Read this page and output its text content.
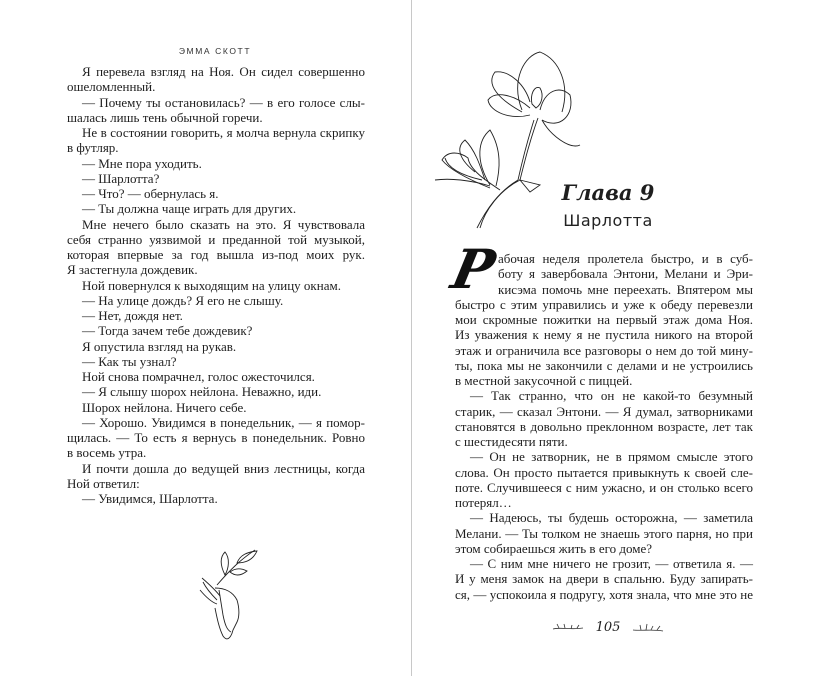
ЭММА СКОТТ
Я перевела взгляд на Ноя. Он сидел совершенно
ошеломленный.
— Почему ты остановилась? — в его голосе слы-
шалась лишь тень обычной горечи.
Не в состоянии говорить, я молча вернула скрипку
в футляр.
— Мне пора уходить.
— Шарлотта?
— Что? — обернулась я.
— Ты должна чаще играть для других.
Мне нечего было сказать на это. Я чувствовала
себя странно уязвимой и преданной той музыкой,
которая впервые за год вышла из-под моих рук.
Я застегнула дождевик.
Ной повернулся к выходящим на улицу окнам.
— На улице дождь? Я его не слышу.
— Нет, дождя нет.
— Тогда зачем тебе дождевик?
Я опустила взгляд на рукав.
— Как ты узнал?
Ной снова помрачнел, голос ожесточился.
— Я слышу шорох нейлона. Неважно, иди.
Шорох нейлона. Ничего себе.
— Хорошо. Увидимся в понедельник, — я помор-
щилась. — То есть я вернусь в понедельник. Ровно
в восемь утра.
И почти дошла до ведущей вниз лестницы, когда
Ной ответил:
— Увидимся, Шарлотта.
Глава 9
Шарлотта
Р
абочая неделя пролетела быстро, и в суб-
боту я завербовала Энтони, Мелани и Эри-
кисэма помочь мне переехать. Впятером мы
быстро с этим управились и уже к обеду перевезли
мои скромные пожитки на первый этаж дома Ноя.
Из уважения к нему я не пустила никого на второй
этаж и ограничила все разговоры о нем до той мину-
ты, пока мы не закончили с делами и не устроились
в местной закусочной с пиццей.
— Так странно, что он не какой-то безумный
старик, — сказал Энтони. — Я думал, затворниками
становятся в довольно преклонном возрасте, лет так
с шестидесяти пяти.
— Он не затворник, не в прямом смысле этого
слова. Он просто пытается привыкнуть к своей сле-
поте. Случившееся с ним ужасно, и он столько всего
потерял…
— Надеюсь, ты будешь осторожна, — заметила
Мелани. — Ты толком не знаешь этого парня, но при
этом собираешься жить в его доме?
— С ним мне ничего не грозит, — ответила я. —
И у меня замок на двери в спальню. Буду запирать-
ся, — успокоила я подругу, хотя знала, что мне это не
105
